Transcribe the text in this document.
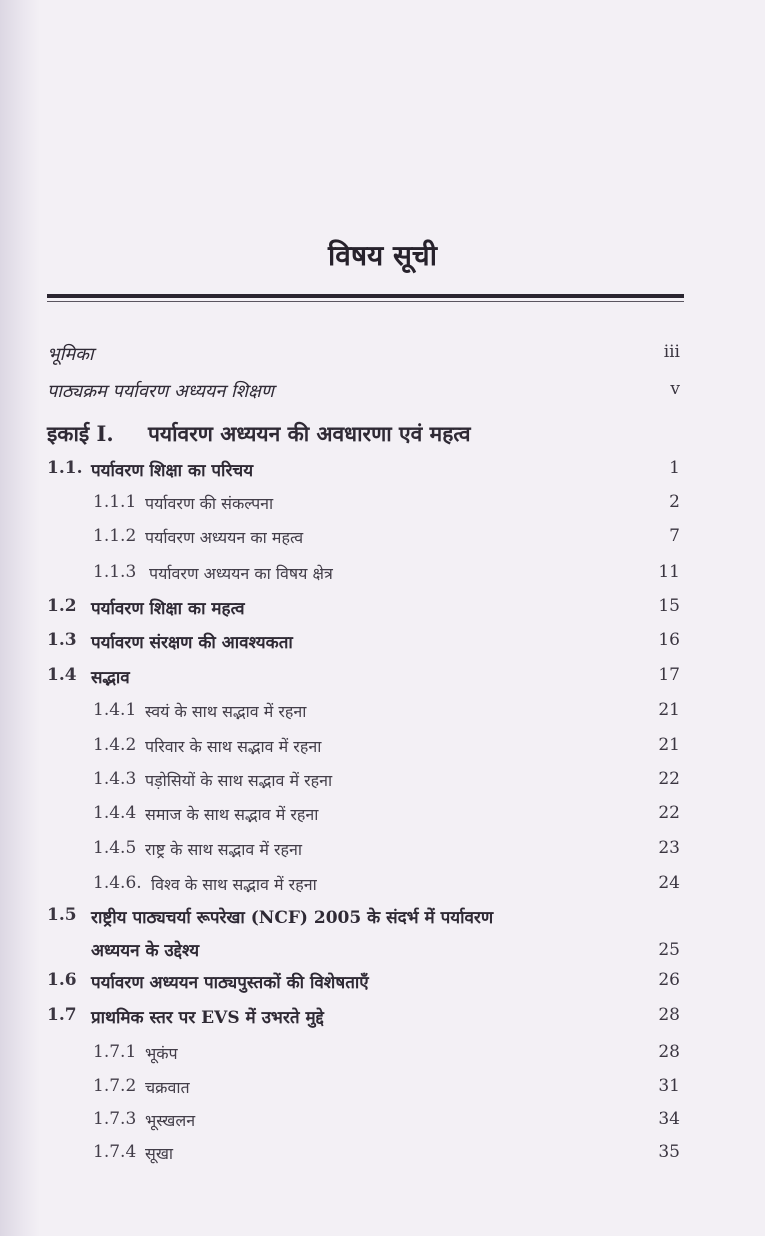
विषय सूची
भूमिका	iii
पाठ्यक्रम पर्यावरण अध्ययन शिक्षण	v
इकाई I. पर्यावरण अध्ययन की अवधारणा एवं महत्व
1.1. पर्यावरण शिक्षा का परिचय	1
1.1.1 पर्यावरण की संकल्पना	2
1.1.2 पर्यावरण अध्ययन का महत्व	7
1.1.3 पर्यावरण अध्ययन का विषय क्षेत्र	11
1.2 पर्यावरण शिक्षा का महत्व	15
1.3 पर्यावरण संरक्षण की आवश्यकता	16
1.4 सद्भाव	17
1.4.1 स्वयं के साथ सद्भाव में रहना	21
1.4.2 परिवार के साथ सद्भाव में रहना	21
1.4.3 पड़ोसियों के साथ सद्भाव में रहना	22
1.4.4 समाज के साथ सद्भाव में रहना	22
1.4.5 राष्ट्र के साथ सद्भाव में रहना	23
1.4.6. विश्व के साथ सद्भाव में रहना	24
1.5 राष्ट्रीय पाठ्यचर्या रूपरेखा (NCF) 2005 के संदर्भ में पर्यावरण
अध्ययन के उद्देश्य	25
1.6 पर्यावरण अध्ययन पाठ्यपुस्तकों की विशेषताएँ	26
1.7 प्राथमिक स्तर पर EVS में उभरते मुद्दे	28
1.7.1 भूकंप	28
1.7.2 चक्रवात	31
1.7.3 भूस्खलन	34
1.7.4 सूखा	35
